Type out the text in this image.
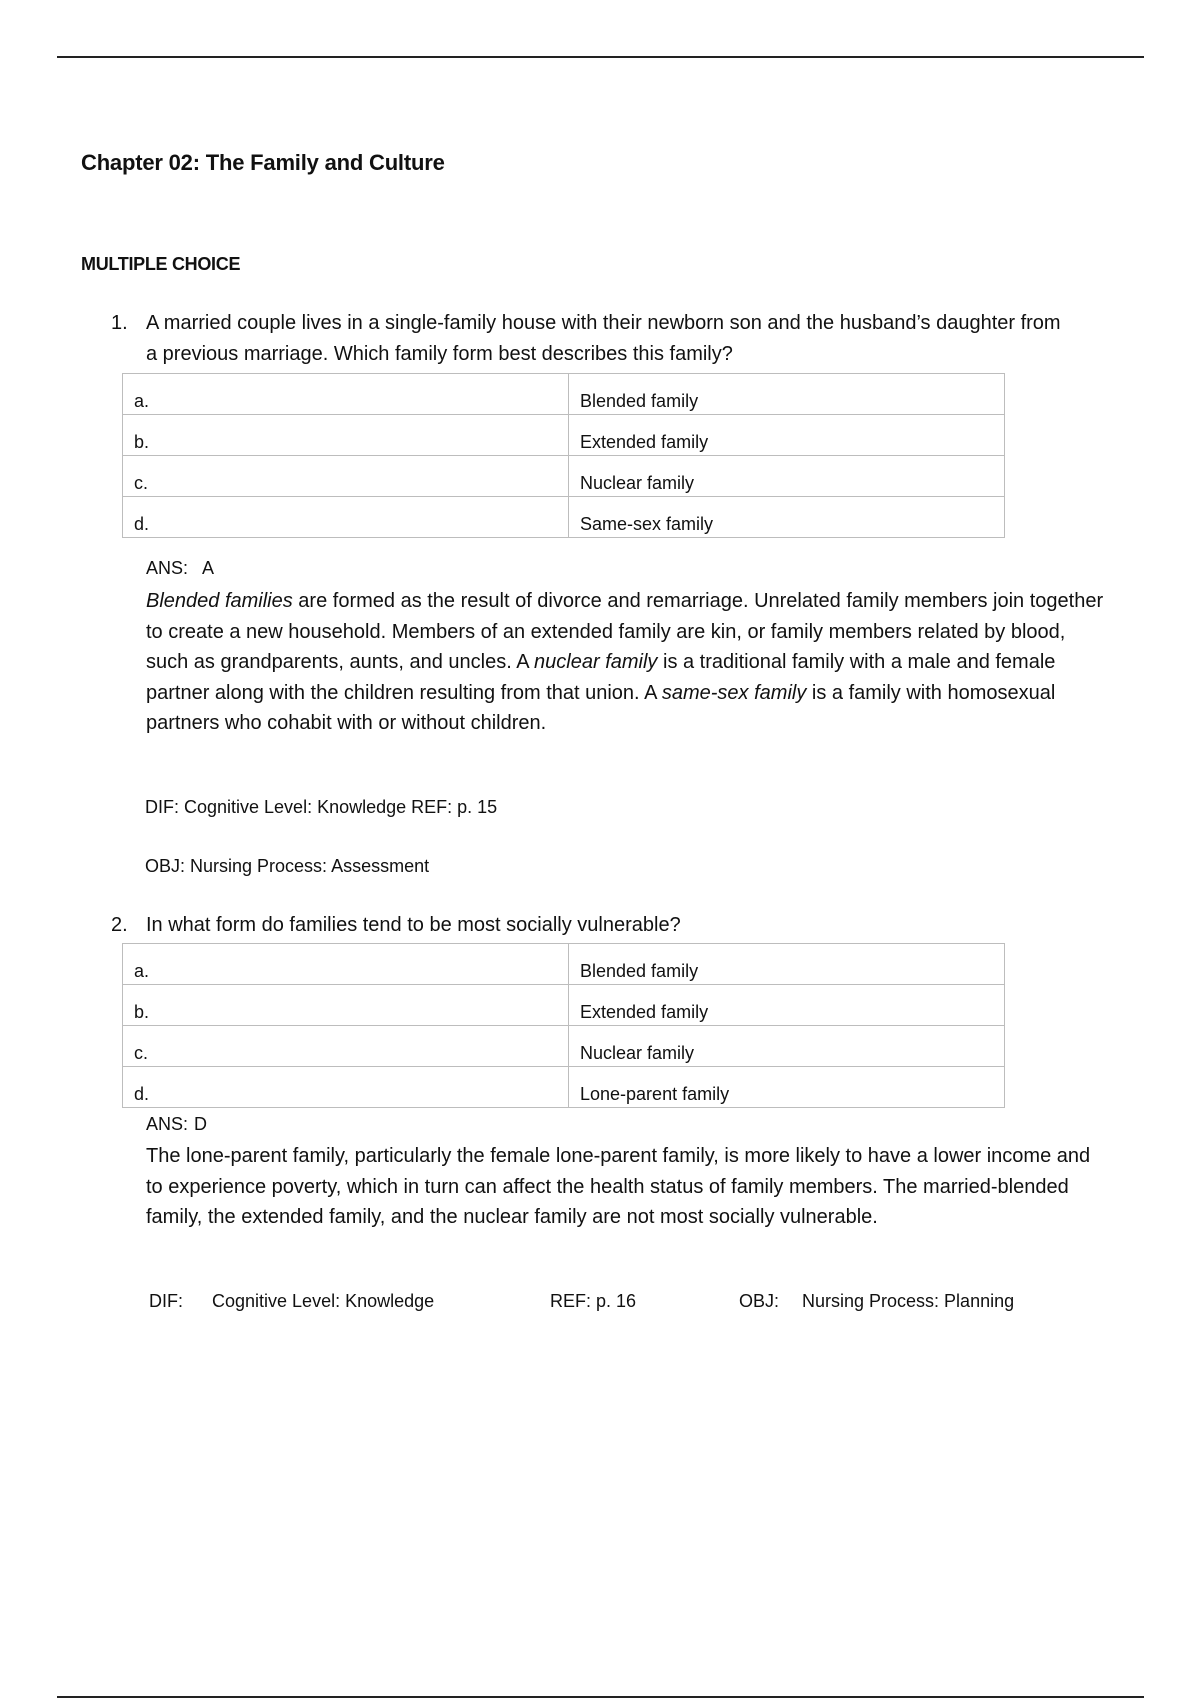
Chapter 02: The Family and Culture
MULTIPLE CHOICE
1. A married couple lives in a single-family house with their newborn son and the husband’s daughter from a previous marriage. Which family form best describes this family?
a.	Blended family
b.	Extended family
c.	Nuclear family
d.	Same-sex family
ANS: A
Blended families are formed as the result of divorce and remarriage. Unrelated family members join together to create a new household. Members of an extended family are kin, or family members related by blood, such as grandparents, aunts, and uncles. A nuclear family is a traditional family with a male and female partner along with the children resulting from that union. A same-sex family is a family with homosexual partners who cohabit with or without children.
DIF: Cognitive Level: Knowledge REF: p. 15
OBJ: Nursing Process: Assessment
2. In what form do families tend to be most socially vulnerable?
a.	Blended family
b.	Extended family
c.	Nuclear family
d.	Lone-parent family
ANS: D
The lone-parent family, particularly the female lone-parent family, is more likely to have a lower income and to experience poverty, which in turn can affect the health status of family members. The married-blended family, the extended family, and the nuclear family are not most socially vulnerable.
DIF: Cognitive Level: Knowledge	REF: p. 16	OBJ: Nursing Process: Planning
